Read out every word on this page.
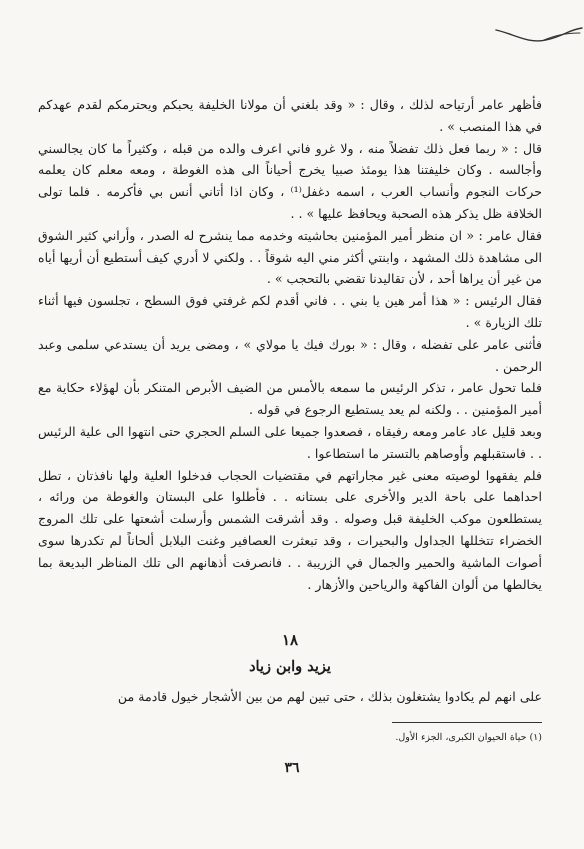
فأظهر عامر أرتياحه لذلك ، وقال : « وقد بلغني أن مولانا الخليفة يحبكم ويحترمكم لقدم عهدكم في هذا المنصب » .

قال : « ربما فعل ذلك تفضلاً منه ، ولا غرو فاني اعرف والده من قبله ، وكثيراً ما كان يجالسني وأجالسه . وكان خليفتنا هذا يومئذ صبيا يخرج أحياناً الى هذه الغوطة ، ومعه معلم كان يعلمه حركات النجوم وأنساب العرب ، اسمه دغفل⁽¹⁾ ، وكان اذا أتاني أنس بي فأكرمه . فلما تولى الخلافة ظل يذكر هذه الصحبة ويحافظ عليها » . .

فقال عامر : « ان منظر أمير المؤمنين بحاشيته وخدمه مما ينشرح له الصدر ، وأراني كثير الشوق الى مشاهدة ذلك المشهد ، وابنتي أكثر مني اليه شوقاً . . ولكني لا أدري كيف أستطيع أن أريها أياه من غير أن يراها أحد ، لأن تقاليدنا تقضي بالتحجب » .

فقال الرئيس : « هذا أمر هين يا بني . . فاني أقدم لكم غرفتي فوق السطح ، تجلسون فيها أثناء تلك الزيارة » .

فأثنى عامر على تفضله ، وقال : « بورك فيك يا مولاي » ، ومضى يريد أن يستدعي سلمى وعبد الرحمن .

فلما تحول عامر ، تذكر الرئيس ما سمعه بالأمس من الضيف الأبرص المتنكر بأن لهؤلاء حكاية مع أمير المؤمنين . . ولكنه لم يعد يستطيع الرجوع في قوله .

وبعد قليل عاد عامر ومعه رفيقاه ، فصعدوا جميعا على السلم الحجري حتى انتهوا الى علية الرئيس . . فاستقبلهم وأوصاهم بالتستر ما استطاعوا .

فلم يفقهوا لوصيته معنى غير مجاراتهم في مقتضيات الحجاب فدخلوا العلية ولها نافذتان ، تطل احداهما على باحة الدير والأخرى على بستانه . . فأطلوا على البستان والغوطة من ورائه ، يستطلعون موكب الخليفة قبل وصوله . وقد أشرقت الشمس وأرسلت أشعتها على تلك المروج الخضراء تتخللها الجداول والبحيرات ، وقد تبعثرت العصافير وغنت البلابل ألحاناً لم تكدرها سوى أصوات الماشية والحمير والجمال في الزريبة . . فانصرفت أذهانهم الى تلك المناظر البديعة بما يخالطها من ألوان الفاكهة والرياحين والأزهار .

١٨
يزيد وابن زياد

على انهم لم يكادوا يشتغلون بذلك ، حتى تبين لهم من بين الأشجار خيول قادمة من

(١) حياة الحيوان الكبرى، الجزء الأول.
٣٦
